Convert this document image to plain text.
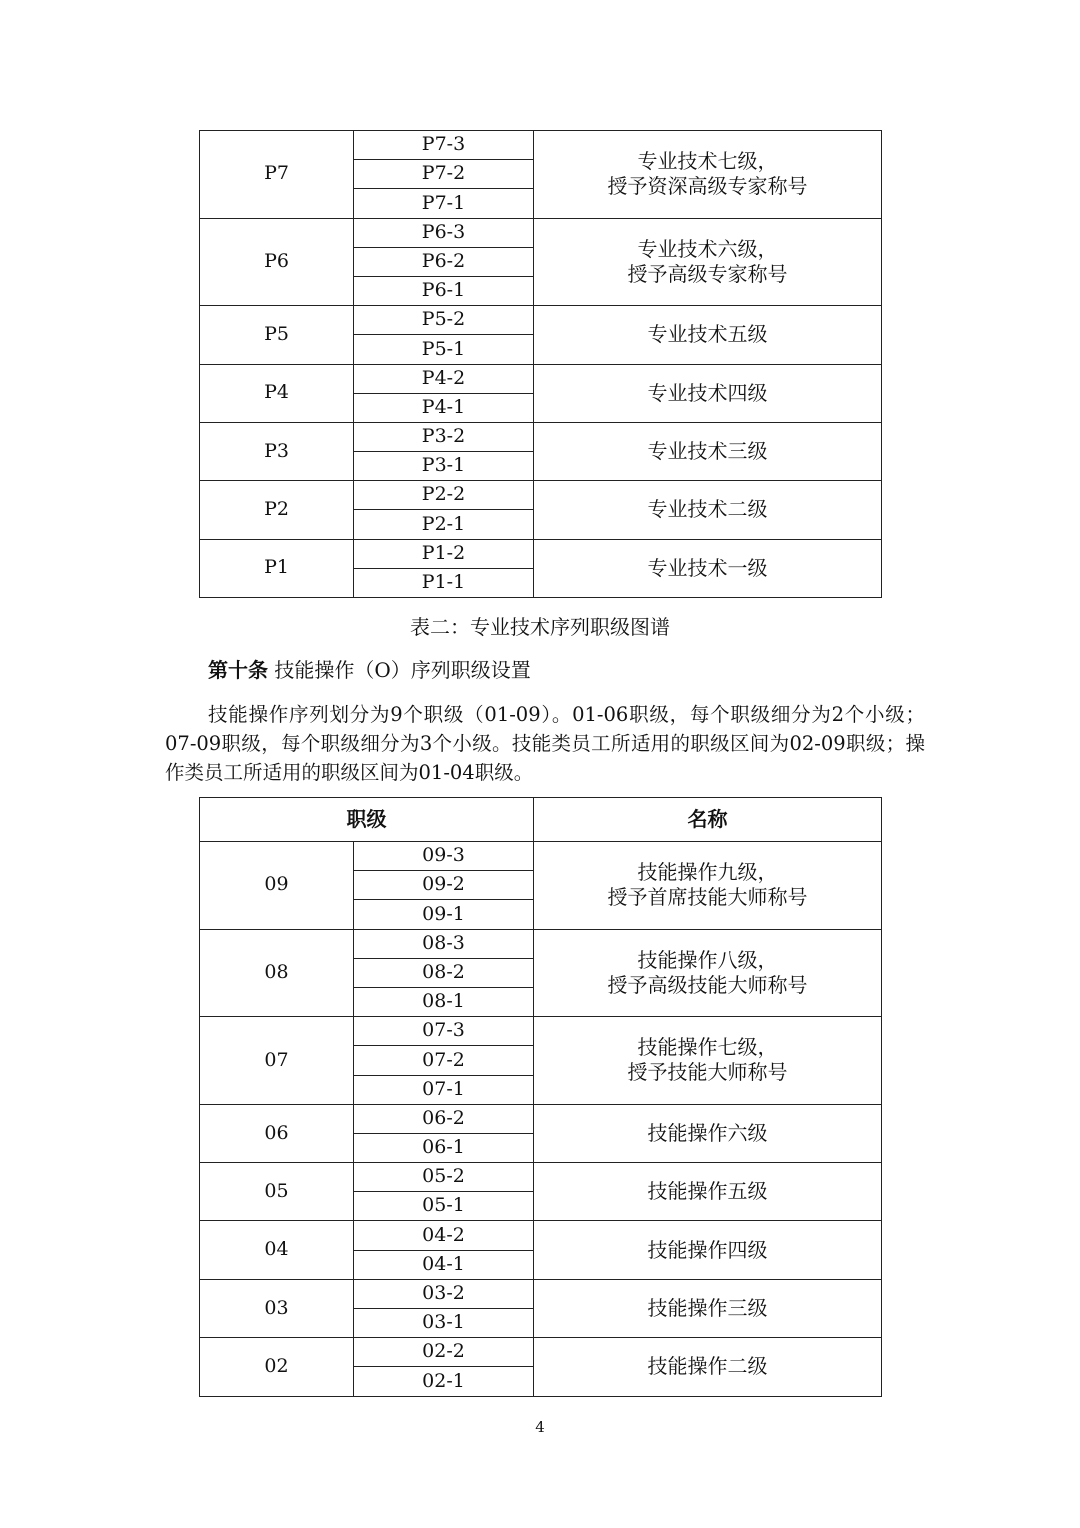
P7	P7-3	专业技术七级，
授予资深高级专家称号

	P7-2	
	P7-1	
P6	P6-3	专业技术六级，
授予高级专家称号

	P6-2	
	P6-1	
P5	P5-2	专业技术五级

	P5-1	
P4	P4-2	专业技术四级

	P4-1	
P3	P3-2	专业技术三级

	P3-1	
P2	P2-2	专业技术二级

	P2-1	
P1	P1-2	专业技术一级

	P1-1	
表二：专业技术序列职级图谱
第十条 技能操作（O）序列职级设置
技能操作序列划分为9个职级（01-09）。01-06职级，每个职级细分为2个小级；07-09职级，每个职级细分为3个小级。技能类员工所适用的职级区间为02-09职级；操作类员工所适用的职级区间为01-04职级。
职级		名称
09	09-3	技能操作九级，
授予首席技能大师称号

	09-2	
	09-1	
08	08-3	技能操作八级，
授予高级技能大师称号

	08-2	
	08-1	
07	07-3	技能操作七级，
授予技能大师称号

	07-2	
	07-1	
06	06-2	技能操作六级

	06-1	
05	05-2	技能操作五级

	05-1	
04	04-2	技能操作四级

	04-1	
03	03-2	技能操作三级

	03-1	
02	02-2	技能操作二级

	02-1	
4
